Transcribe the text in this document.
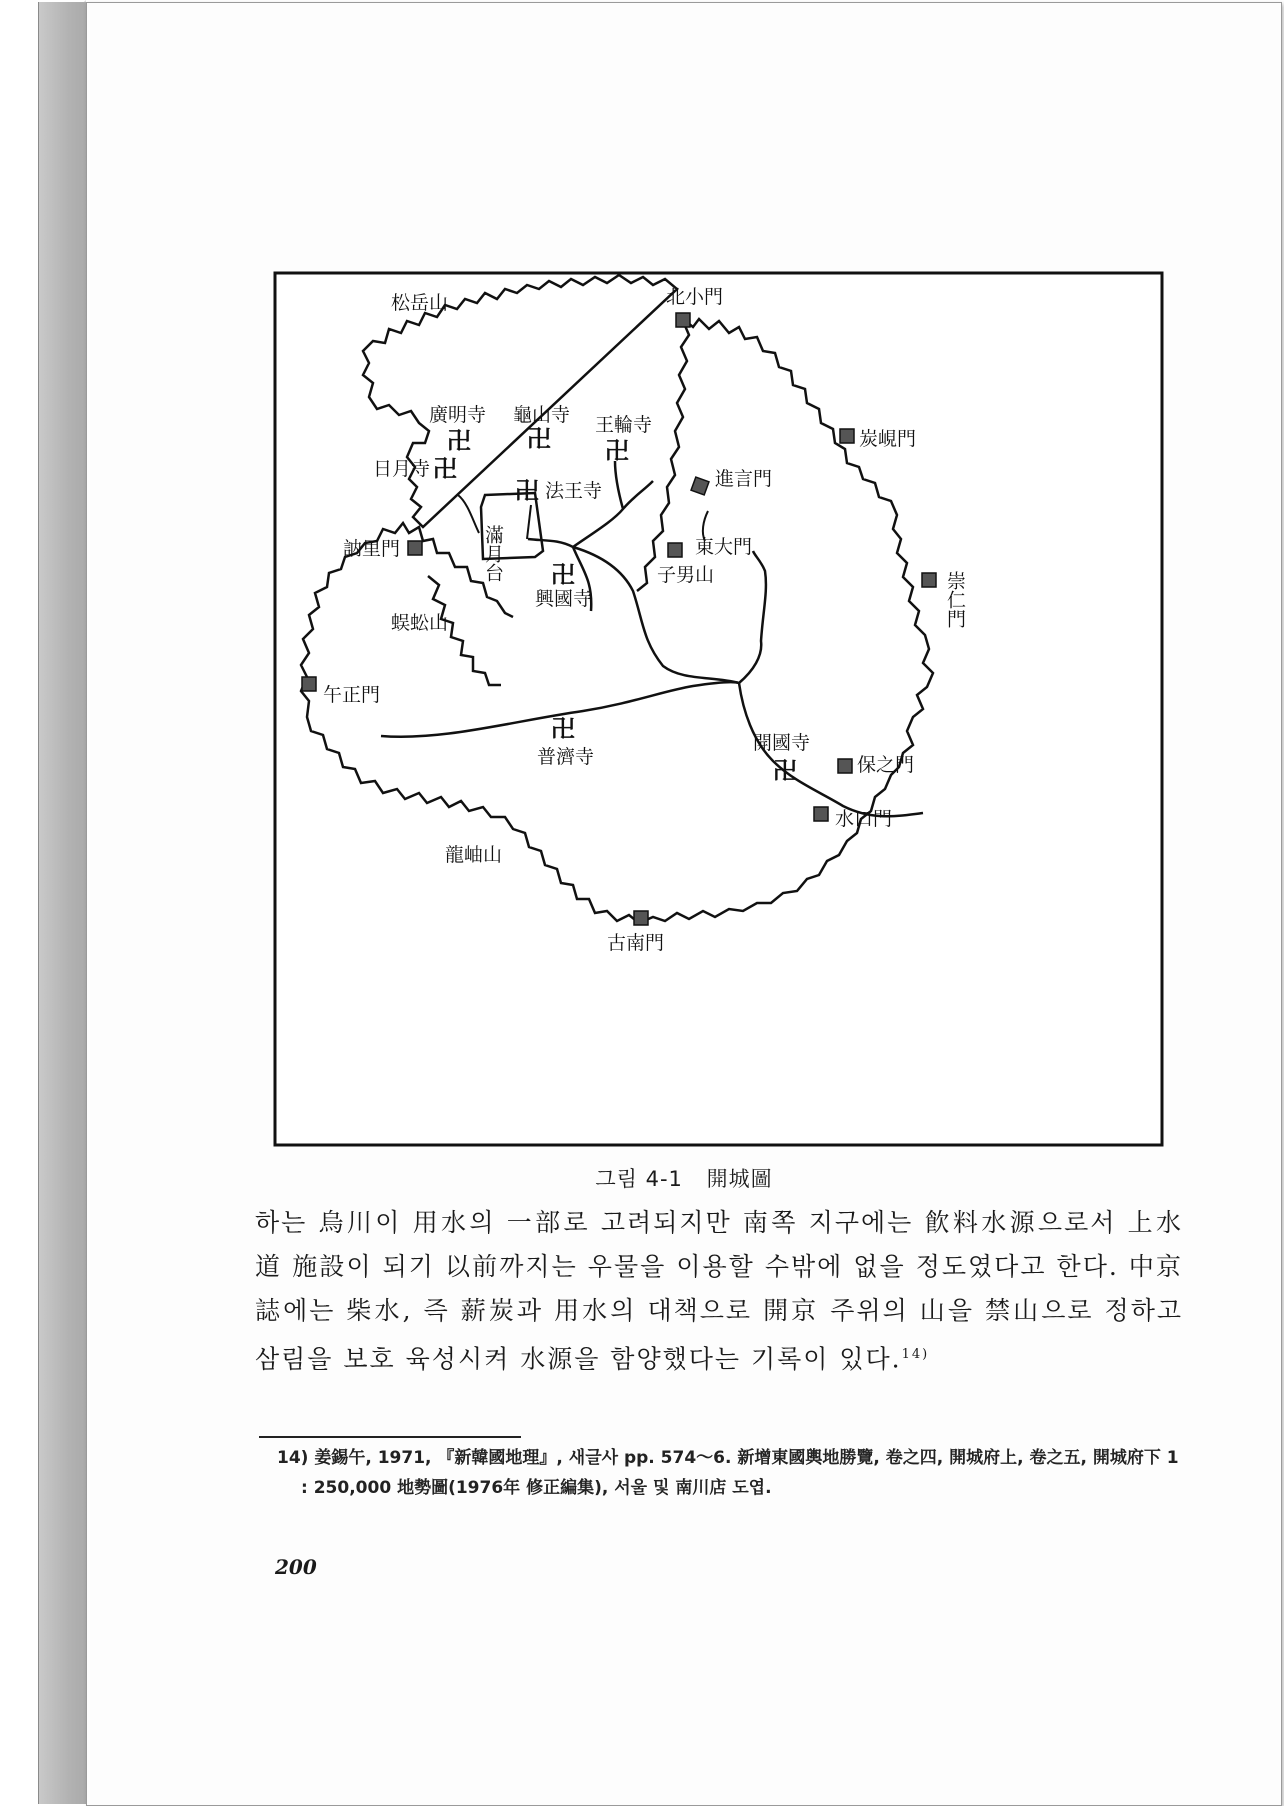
卍 卍 卍
卍
卍
卍
卍
卍
松岳山	北小門
炭峴門
廣明寺 龜山寺 王輪寺
日月寺
法王寺
進言門
東大門
子男山
訥里門
興國寺
蜈蚣山
午正門
普濟寺
開國寺
保之門
水口門
龍岫山
古南門
滿月台
崇仁門
그림 4-1 開城圖
하는 烏川이 用水의 一部로 고려되지만 南쪽 지구에는 飮料水源으로서 上水道 施設이 되기 以前까지는 우물을 이용할 수밖에 없을 정도였다고 한다. 中京誌에는 柴水, 즉 薪炭과 用水의 대책으로 開京 주위의 山을 禁山으로 정하고 삼림을 보호 육성시켜 水源을 함양했다는 기록이 있다.$^{14)}$

14) 姜錫午, 1971, 『新韓國地理』, 새글사 pp. 574～6. 新增東國輿地勝覽, 卷之四, 開城府上, 卷之五, 開城府下 1 : 250,000 地勢圖(1976年 修正編集), 서울 및 南川店 도엽.

200
